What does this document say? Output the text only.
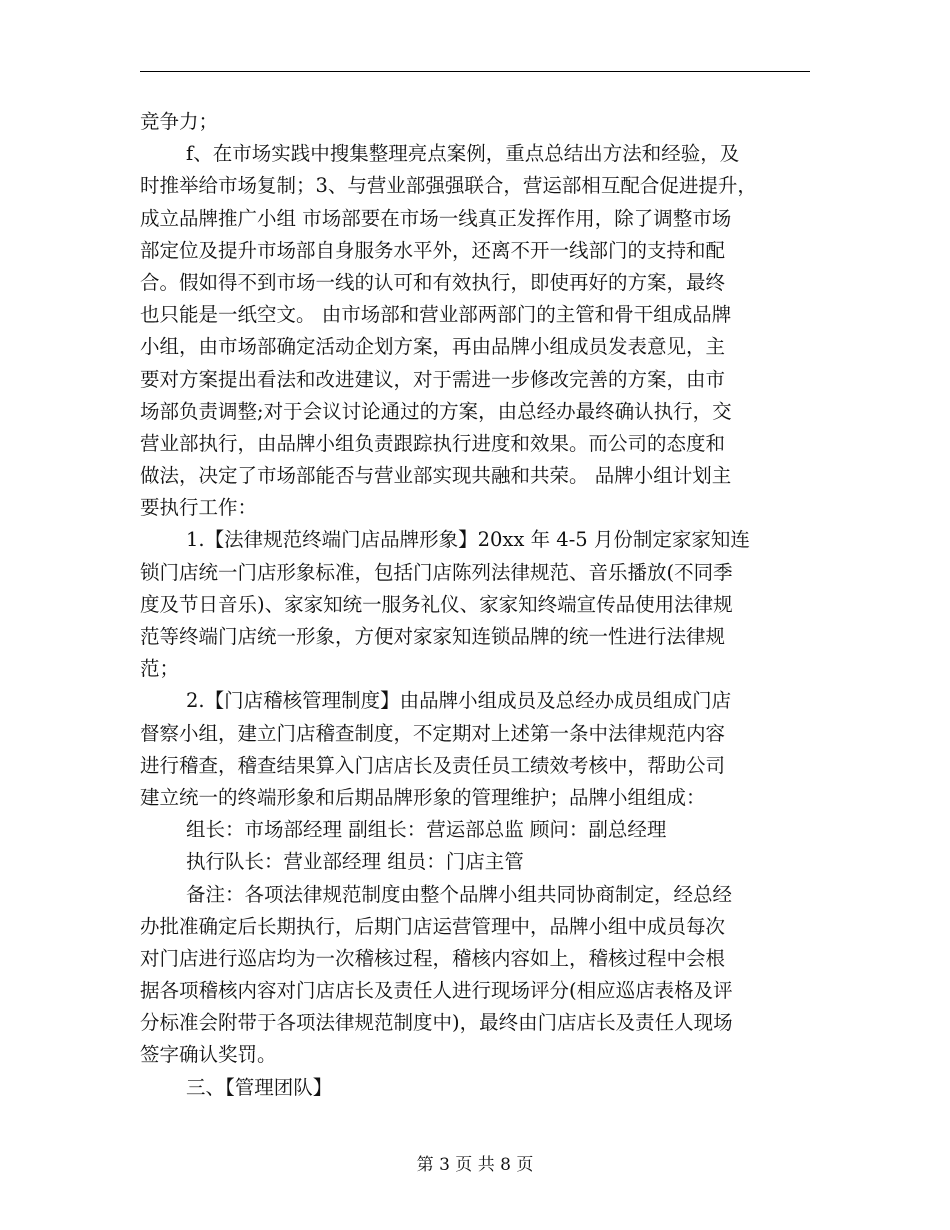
竞争力；
f、在市场实践中搜集整理亮点案例，重点总结出方法和经验，及
时推举给市场复制；3、与营业部强强联合，营运部相互配合促进提升，
成立品牌推广小组 市场部要在市场一线真正发挥作用，除了调整市场
部定位及提升市场部自身服务水平外，还离不开一线部门的支持和配
合。假如得不到市场一线的认可和有效执行，即使再好的方案，最终
也只能是一纸空文。 由市场部和营业部两部门的主管和骨干组成品牌
小组，由市场部确定活动企划方案，再由品牌小组成员发表意见，主
要对方案提出看法和改进建议，对于需进一步修改完善的方案，由市
场部负责调整;对于会议讨论通过的方案，由总经办最终确认执行，交
营业部执行，由品牌小组负责跟踪执行进度和效果。而公司的态度和
做法，决定了市场部能否与营业部实现共融和共荣。 品牌小组计划主
要执行工作：
1.【法律规范终端门店品牌形象】20xx 年 4-5 月份制定家家知连
锁门店统一门店形象标准，包括门店陈列法律规范、音乐播放(不同季
度及节日音乐)、家家知统一服务礼仪、家家知终端宣传品使用法律规
范等终端门店统一形象，方便对家家知连锁品牌的统一性进行法律规
范；
2.【门店稽核管理制度】由品牌小组成员及总经办成员组成门店
督察小组，建立门店稽查制度，不定期对上述第一条中法律规范内容
进行稽查，稽查结果算入门店店长及责任员工绩效考核中，帮助公司
建立统一的终端形象和后期品牌形象的管理维护；品牌小组组成：
组长：市场部经理 副组长：营运部总监 顾问：副总经理
执行队长：营业部经理 组员：门店主管
备注：各项法律规范制度由整个品牌小组共同协商制定，经总经
办批准确定后长期执行，后期门店运营管理中，品牌小组中成员每次
对门店进行巡店均为一次稽核过程，稽核内容如上，稽核过程中会根
据各项稽核内容对门店店长及责任人进行现场评分(相应巡店表格及评
分标准会附带于各项法律规范制度中)，最终由门店店长及责任人现场
签字确认奖罚。
三、【管理团队】
第 3 页 共 8 页
